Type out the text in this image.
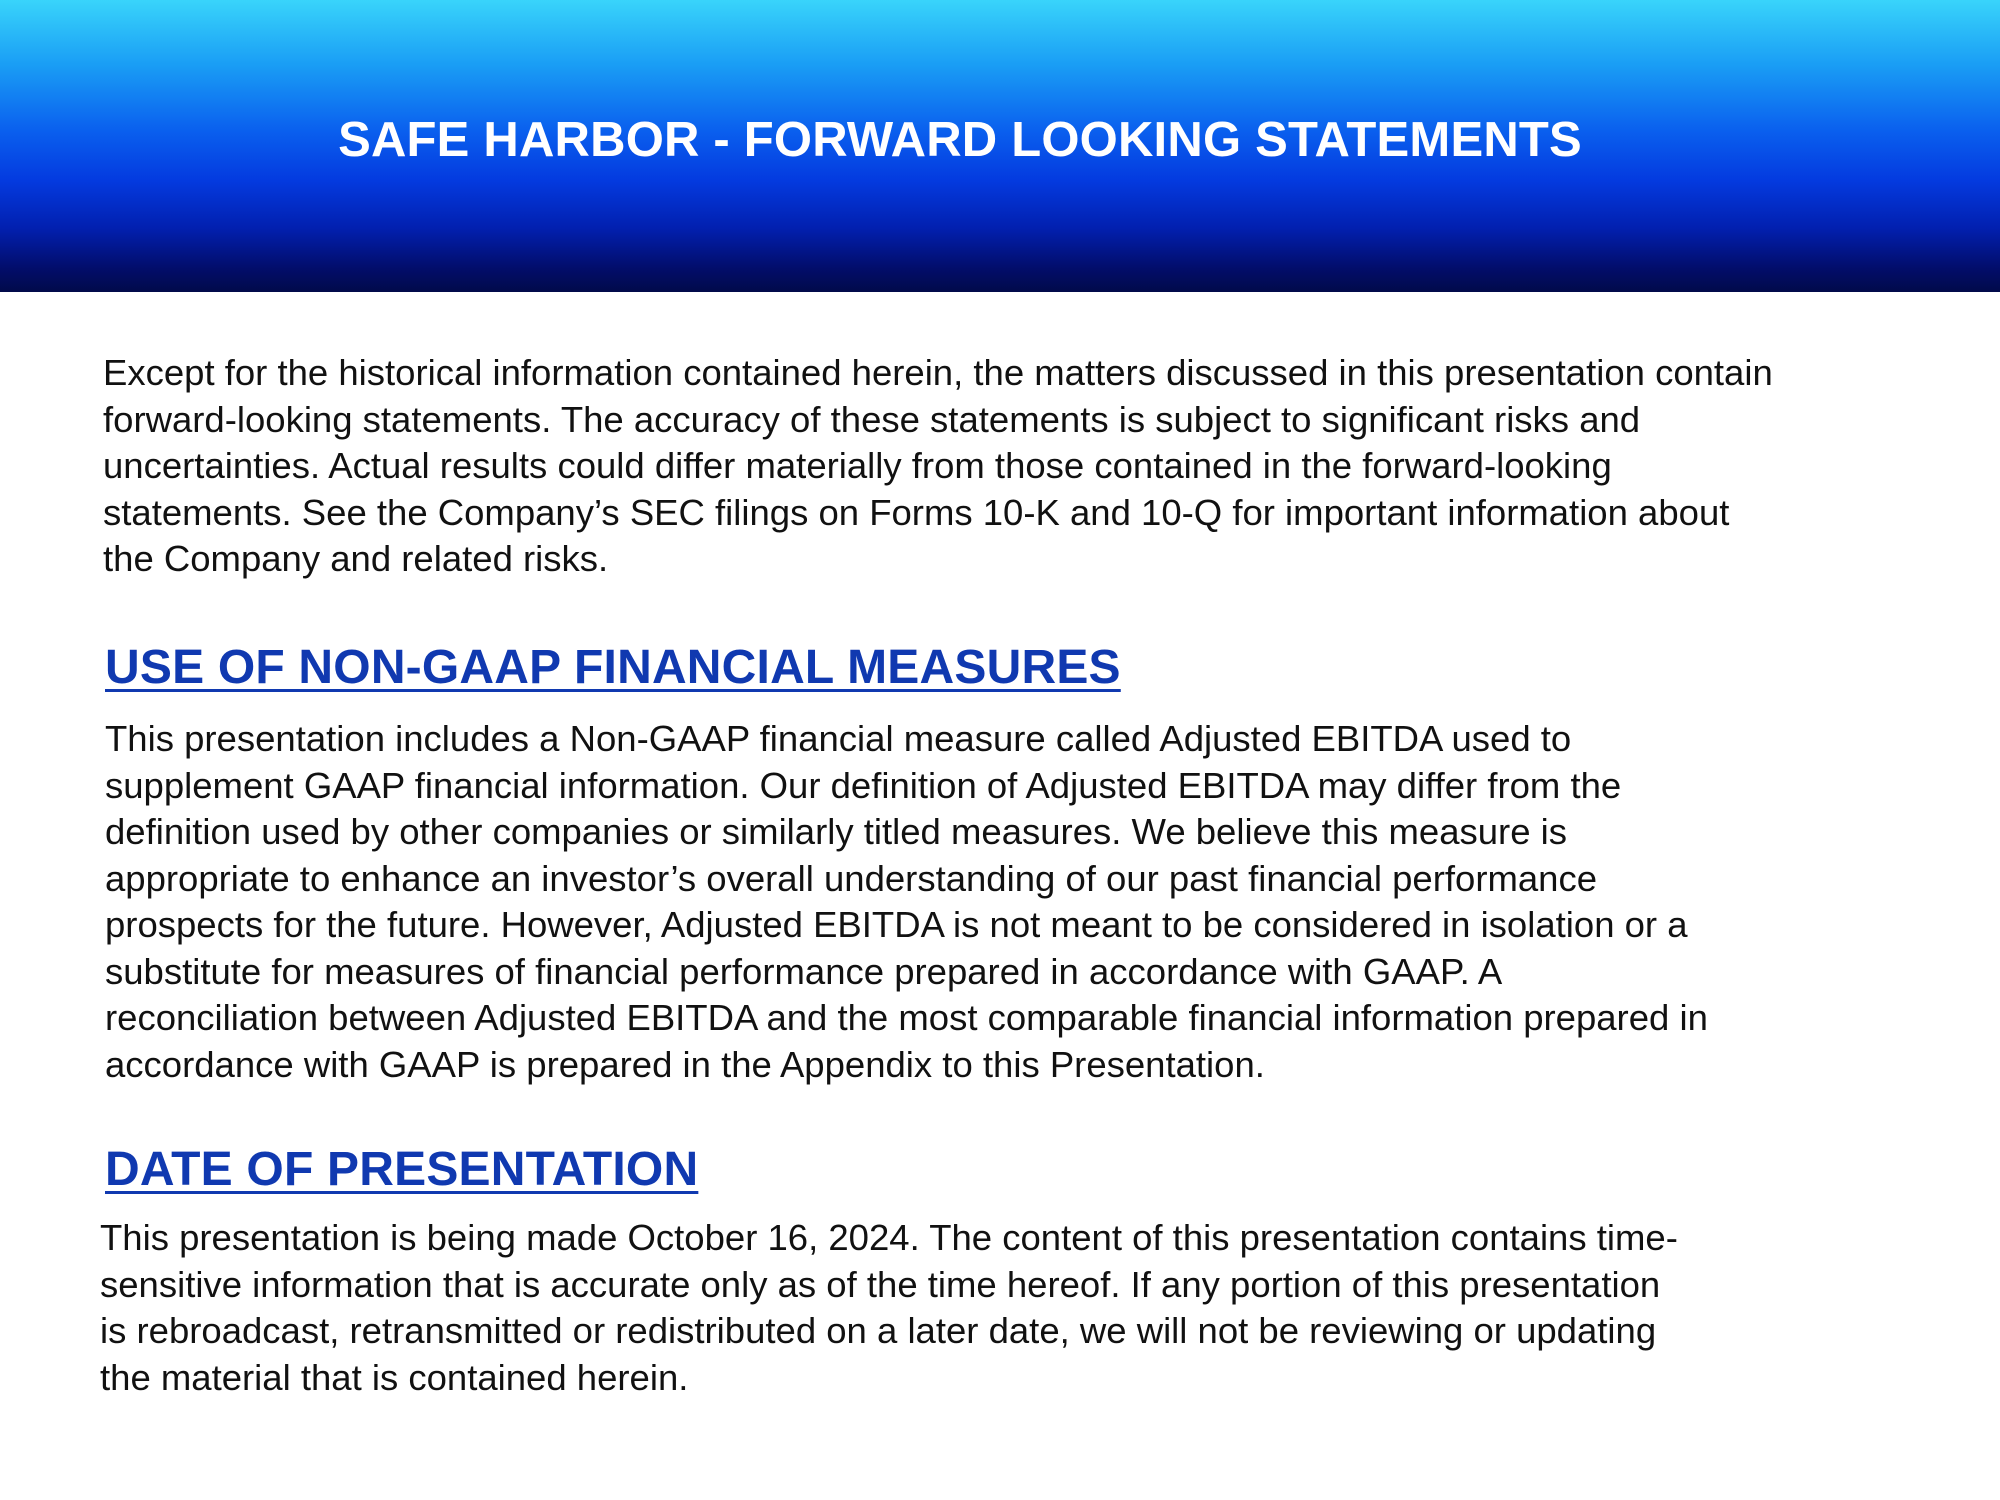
SAFE HARBOR - FORWARD LOOKING STATEMENTS

Except for the historical information contained herein, the matters discussed in this presentation contain
forward-looking statements. The accuracy of these statements is subject to significant risks and
uncertainties. Actual results could differ materially from those contained in the forward-looking
statements. See the Company’s SEC filings on Forms 10-K and 10-Q for important information about
the Company and related risks.

USE OF NON-GAAP FINANCIAL MEASURES

This presentation includes a Non-GAAP financial measure called Adjusted EBITDA used to
supplement GAAP financial information. Our definition of Adjusted EBITDA may differ from the
definition used by other companies or similarly titled measures. We believe this measure is
appropriate to enhance an investor’s overall understanding of our past financial performance
prospects for the future. However, Adjusted EBITDA is not meant to be considered in isolation or a
substitute for measures of financial performance prepared in accordance with GAAP. A
reconciliation between Adjusted EBITDA and the most comparable financial information prepared in
accordance with GAAP is prepared in the Appendix to this Presentation.

DATE OF PRESENTATION

This presentation is being made October 16, 2024. The content of this presentation contains time-
sensitive information that is accurate only as of the time hereof. If any portion of this presentation
is rebroadcast, retransmitted or redistributed on a later date, we will not be reviewing or updating
the material that is contained herein.
